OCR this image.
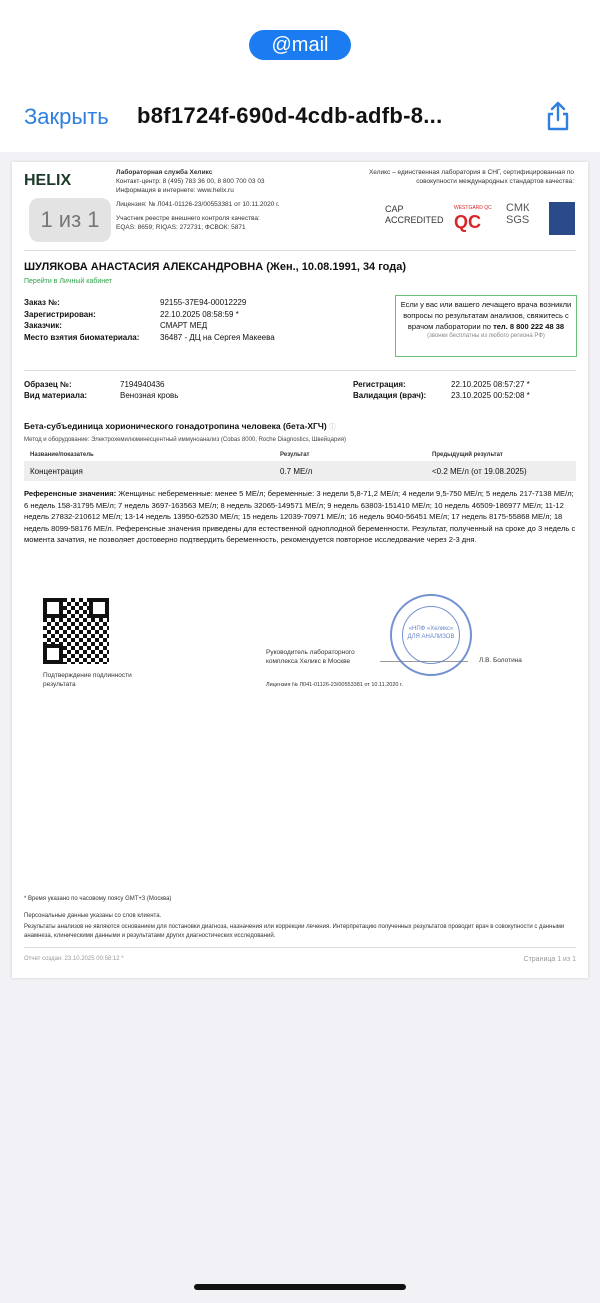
@mail
Закрыть b8f1724f-690d-4cdb-adfb-8...
HELIX	Лабораторная служба Хеликс
Контакт-центр: 8 (495) 783 36 00, 8 800 700 03 03
Информация в интернете: www.helix.ru
Лицензия: № Л041-01126-23/00553381 от 10.11.2020 г.
Участник реестре внешнего контроля качества:
EQAS: 8659; RIQAS: 272731; ФСВОК: 5871
Хеликс – единственная лаборатория в СНГ, сертифицированная по совокупности международных стандартов качества:
CAP ACCREDITED
WESTGARD QC
QC
СМК SGS
1 из 1
ШУЛЯКОВА АНАСТАСИЯ АЛЕКСАНДРОВНА (Жен., 10.08.1991, 34 года)
Перейти в Личный кабинет
Заказ №:	92155-37E94-00012229
Зарегистрирован:	22.10.2025 08:58:59 *
Заказчик:	СМАРТ МЕД
Место взятия биоматериала:	36487 - ДЦ на Сергея Макеева
Если у вас или вашего лечащего врача возникли вопросы по результатам анализов, свяжитесь с врачом лаборатории по тел. 8 800 222 48 38
(звонки бесплатны из любого региона РФ)
Образец №:	7194940436
Вид материала:	Венозная кровь
Регистрация:	22.10.2025 08:57:27 *
Валидация (врач):	23.10.2025 00:52:08 *
Бета-субъединица хорионического гонадотропина человека (бета-ХГЧ) ⓘ
Метод и оборудование: Электрохемилюминесцентный иммуноанализ (Cobas 8000, Roche Diagnostics, Швейцария)
Название/показатель	Результат	Предыдущий результат
Концентрация	0.7 МЕ/л	<0.2 МЕ/л (от 19.08.2025)
Референсные значения: Женщины: небеременные: менее 5 МЕ/л; беременные: 3 недели 5,8-71,2 МЕ/л; 4 недели 9,5-750 МЕ/л; 5 недель 217-7138 МЕ/л; 6 недель 158-31795 МЕ/л; 7 недель 3697-163563 МЕ/л; 8 недель 32065-149571 МЕ/л; 9 недель 63803-151410 МЕ/л; 10 недель 46509-186977 МЕ/л; 11-12 недель 27832-210612 МЕ/л; 13-14 недель 13950-62530 МЕ/л; 15 недель 12039-70971 МЕ/л; 16 недель 9040-56451 МЕ/л; 17 недель 8175-55868 МЕ/л; 18 недель 8099-58176 МЕ/л. Референсные значения приведены для естественной одноплодной беременности. Результат, полученный на сроке до 3 недель с момента зачатия, не позволяет достоверно подтвердить беременность, рекомендуется повторное исследование через 2-3 дня.
Подтверждение подлинности результата
Руководитель лабораторного комплекса Хеликс в Москве
«НПФ «Хеликс»
ДЛЯ АНАЛИЗОВ
Л.В. Болотина
Лицензия № Л041-01126-23/00553381 от 10.11.2020 г.
* Время указано по часовому поясу GMT+3 (Москва)
Персональные данные указаны со слов клиента.
Результаты анализов не являются основанием для постановки диагноза, назначения или коррекции лечения. Интерпретацию полученных результатов проводит врач в совокупности с данными анамнеза, клиническими данными и результатами других диагностических исследований.
Отчет создан: 23.10.2025 00:58:12 *	Страница 1 из 1
